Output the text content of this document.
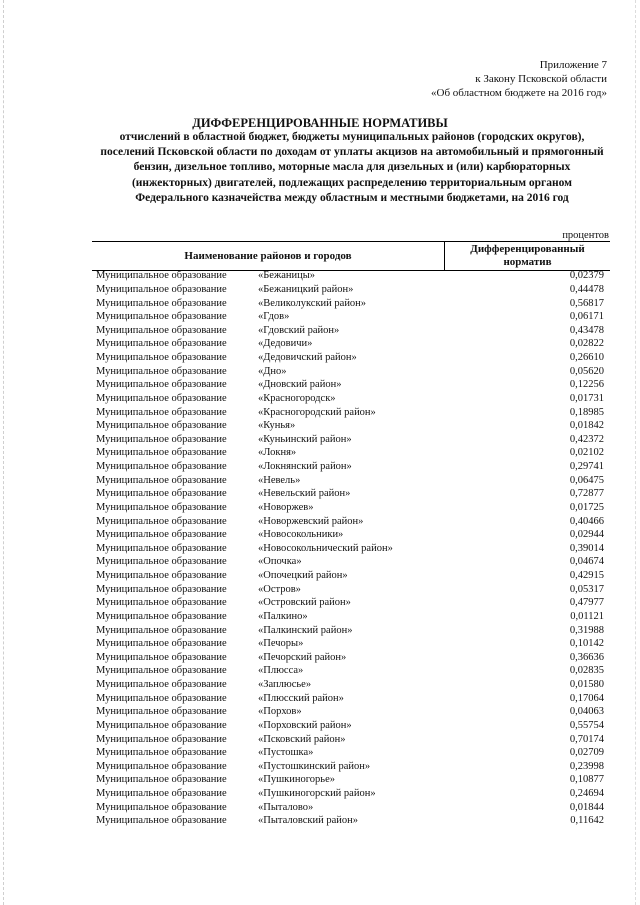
Приложение 7
к Закону Псковской области
«Об областном бюджете на 2016 год»
ДИФФЕРЕНЦИРОВАННЫЕ НОРМАТИВЫ
отчислений в областной бюджет, бюджеты муниципальных районов (городских округов), поселений Псковской области по доходам от уплаты акцизов на автомобильный и прямогонный бензин, дизельное топливо, моторные масла для дизельных и (или) карбюраторных (инжекторных) двигателей, подлежащих распределению территориальным органом Федерального казначейства между областным и местными бюджетами, на 2016 год
процентов
Наименование районов и городов
Дифференцированный
норматив
Муниципальное образование	«Бежаницы»	0,02379
Муниципальное образование	«Бежаницкий район»	0,44478
Муниципальное образование	«Великолукский район»	0,56817
Муниципальное образование	«Гдов»	0,06171
Муниципальное образование	«Гдовский район»	0,43478
Муниципальное образование	«Дедовичи»	0,02822
Муниципальное образование	«Дедовичский район»	0,26610
Муниципальное образование	«Дно»	0,05620
Муниципальное образование	«Дновский район»	0,12256
Муниципальное образование	«Красногородск»	0,01731
Муниципальное образование	«Красногородский район»	0,18985
Муниципальное образование	«Кунья»	0,01842
Муниципальное образование	«Куньинский район»	0,42372
Муниципальное образование	«Локня»	0,02102
Муниципальное образование	«Локнянский район»	0,29741
Муниципальное образование	«Невель»	0,06475
Муниципальное образование	«Невельский район»	0,72877
Муниципальное образование	«Новоржев»	0,01725
Муниципальное образование	«Новоржевский район»	0,40466
Муниципальное образование	«Новосокольники»	0,02944
Муниципальное образование	«Новосокольнический район»	0,39014
Муниципальное образование	«Опочка»	0,04674
Муниципальное образование	«Опочецкий район»	0,42915
Муниципальное образование	«Остров»	0,05317
Муниципальное образование	«Островский район»	0,47977
Муниципальное образование	«Палкино»	0,01121
Муниципальное образование	«Палкинский район»	0,31988
Муниципальное образование	«Печоры»	0,10142
Муниципальное образование	«Печорский район»	0,36636
Муниципальное образование	«Плюсса»	0,02835
Муниципальное образование	«Заплюсье»	0,01580
Муниципальное образование	«Плюсский район»	0,17064
Муниципальное образование	«Порхов»	0,04063
Муниципальное образование	«Порховский район»	0,55754
Муниципальное образование	«Псковский район»	0,70174
Муниципальное образование	«Пустошка»	0,02709
Муниципальное образование	«Пустошкинский район»	0,23998
Муниципальное образование	«Пушкиногорье»	0,10877
Муниципальное образование	«Пушкиногорский район»	0,24694
Муниципальное образование	«Пыталово»	0,01844
Муниципальное образование	«Пыталовский район»	0,11642
